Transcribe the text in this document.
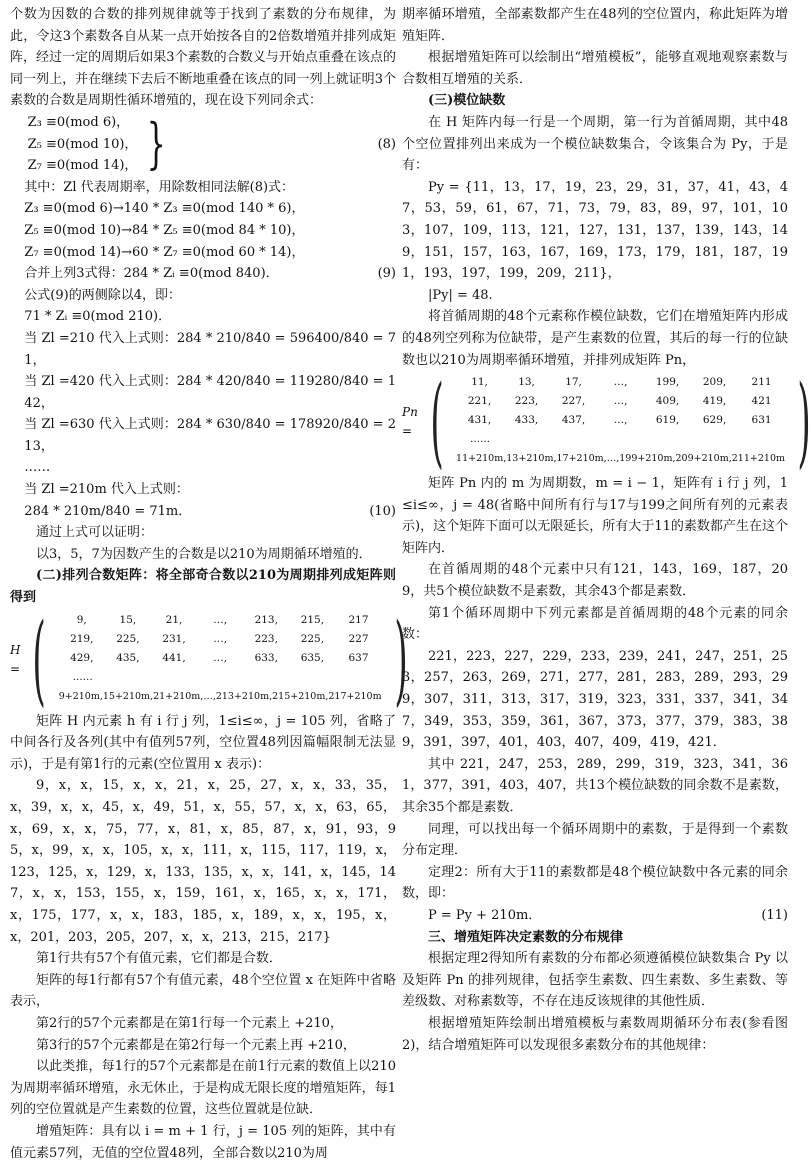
个数为因数的合数的排列规律就等于找到了素数的分布规律，为此，令这3个素数各自从某一点开始按各自的2倍数增殖并排列成矩阵，经过一定的周期后如果3个素数的合数义与开始点重叠在该点的同一列上，并在继续下去后不断地重叠在该点的同一列上就证明3个素数的合数是周期性循环增殖的，现在设下列同余式：

Z₃ ≡0(mod 6)，

Z₅ ≡0(mod 10)，

Z₇ ≡0(mod 14)， }	(8)

其中：Zl 代表周期率，用除数相同法解(8)式：

Z₃ ≡0(mod 6)→140 * Z₃ ≡0(mod 140 * 6)，

Z₅ ≡0(mod 10)→84 * Z₅ ≡0(mod 84 * 10)，

Z₇ ≡0(mod 14)→60 * Z₇ ≡0(mod 60 * 14)，

合并上列3式得：284 * Zᵢ ≡0(mod 840)．	(9)

公式(9)的两侧除以4，即：

71 * Zᵢ ≡0(mod 210)．

当 Zl =210 代入上式则：284 * 210/840 = 596400/840 = 71，

当 Zl =420 代入上式则：284 * 420/840 = 119280/840 = 142，

当 Zl =630 代入上式则：284 * 630/840 = 178920/840 = 213，

……

当 Zl =210m 代入上式则：

284 * 210m/840 = 71m．	(10)

通过上式可以证明：

以3，5，7为因数产生的合数是以210为周期循环增殖的．

(二)排列合数矩阵：将全部奇合数以210为周期排列成矩阵则得到

H = (	9,	15,	21,	…,	213,	215,	217
219,	225,	231,	…,	223,	225,	227
429,	435,	441,	…,	633,	635,	637
......
9+210m, 15+210m, 21+210m, …, 213+210m, 215+210m, 217+210m )

矩阵 H 内元素 h 有 i 行 j 列，1≤i≤∞，j = 105 列，省略了中间各行及各列(其中有值列57列，空位置48列因篇幅限制无法显示)，于是有第1行的元素(空位置用 x 表示)：

9，x，x，15，x，x，21，x，25，27，x，x，33，35，x，39，x，x，45，x，49，51，x，55，57，x，x，63，65，x，69，x，x，75，77，x，81，x，85，87，x，91，93，95，x，99，x，x，105，x，x，111，x，115，117，119，x，123，125，x，129，x，133，135，x，x，141，x，145，147，x，x，153，155，x，159，161，x，165，x，x，171，x，175，177，x，x，183，185，x，189，x，x，195，x，x，201，203，205，207，x，x，213，215，217}

第1行共有57个有值元素，它们都是合数．

矩阵的每1行都有57个有值元素，48个空位置 x 在矩阵中省略表示，

第2行的57个元素都是在第1行每一个元素上 +210，

第3行的57个元素都是在第2行每一个元素上再 +210，

以此类推，每1行的57个元素都是在前1行元素的数值上以210为周期率循环增殖，永无休止，于是构成无限长度的增殖矩阵，每1列的空位置就是产生素数的位置，这些位置就是位缺．

增殖矩阵：具有以 i = m + 1 行，j = 105 列的矩阵，其中有值元素57列，无值的空位置48列，全部合数以210为周

期率循环增殖，全部素数都产生在48列的空位置内，称此矩阵为增殖矩阵．

根据增殖矩阵可以绘制出“增殖模板”，能够直观地观察素数与合数相互增殖的关系．

(三)模位缺数

在 H 矩阵内每一行是一个周期，第一行为首循周期，其中48个空位置排列出来成为一个模位缺数集合，令该集合为 Py，于是有：

Py = {11，13，17，19，23，29，31，37，41，43，47，53，59，61，67，71，73，79，83，89，97，101，103，107，109，113，121，127，131，137，139，143，149，151，157，163，167，169，173，179，181，187，191，193，197，199，209，211}，

|Py| = 48.

将首循周期的48个元素称作模位缺数，它们在增殖矩阵内形成的48列空列称为位缺带，是产生素数的位置，其后的每一行的位缺数也以210为周期率循环增殖，并排列成矩阵 Pn，

Pn = (	11,	13,	17,	…,	199,	209,	211
221,	223,	227,	…,	409,	419,	421
431,	433,	437,	…,	619,	629,	631
......
11+210m, 13+210m, 17+210m, …, 199+210m, 209+210m, 211+210m )

矩阵 Pn 内的 m 为周期数，m = i − 1，矩阵有 i 行 j 列，1≤i≤∞，j = 48(省略中间所有行与17与199之间所有列的元素表示)，这个矩阵下面可以无限延长，所有大于11的素数都产生在这个矩阵内．

在首循周期的48个元素中只有121，143，169，187，209，共5个模位缺数不是素数，其余43个都是素数．

第1个循环周期中下列元素都是首循周期的48个元素的同余数：

221，223，227，229，233，239，241，247，251，253，257，263，269，271，277，281，283，289，293，299，307，311，313，317，319，323，331，337，341，347，349，353，359，361，367，373，377，379，383，389，391，397，401，403，407，409，419，421．

其中 221，247，253，289，299，319，323，341，361，377，391，403，407，共13个模位缺数的同余数不是素数，其余35个都是素数．

同理，可以找出每一个循环周期中的素数，于是得到一个素数分布定理．

定理2：所有大于11的素数都是48个模位缺数中各元素的同余数，即：

P = Py + 210m．	(11)

三、增殖矩阵决定素数的分布规律

根据定理2得知所有素数的分布都必须遵循模位缺数集合 Py 以及矩阵 Pn 的排列规律，包括孪生素数、四生素数、多生素数、等差级数、对称素数等，不存在违反该规律的其他性质．

根据增殖矩阵绘制出增殖模板与素数周期循环分布表(参看图2)，结合增殖矩阵可以发现很多素数分布的其他规律：
